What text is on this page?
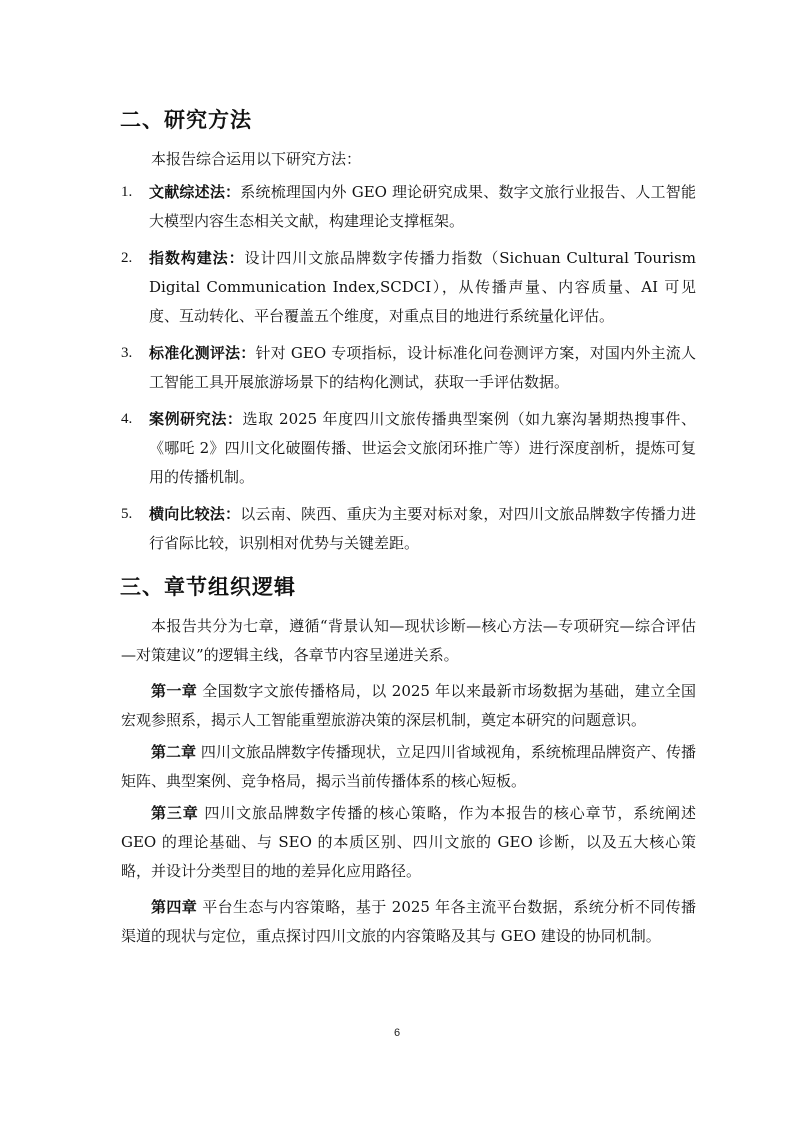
二、研究方法

本报告综合运用以下研究方法：

1. 文献综述法：系统梳理国内外 GEO 理论研究成果、数字文旅行业报告、人工智能大模型内容生态相关文献，构建理论支撑框架。
2. 指数构建法：设计四川文旅品牌数字传播力指数（Sichuan Cultural Tourism Digital Communication Index,SCDCI），从传播声量、内容质量、AI 可见度、互动转化、平台覆盖五个维度，对重点目的地进行系统量化评估。
3. 标准化测评法：针对 GEO 专项指标，设计标准化问卷测评方案，对国内外主流人工智能工具开展旅游场景下的结构化测试，获取一手评估数据。
4. 案例研究法：选取 2025 年度四川文旅传播典型案例（如九寨沟暑期热搜事件、《哪吒 2》四川文化破圈传播、世运会文旅闭环推广等）进行深度剖析，提炼可复用的传播机制。
5. 横向比较法：以云南、陕西、重庆为主要对标对象，对四川文旅品牌数字传播力进行省际比较，识别相对优势与关键差距。
三、章节组织逻辑

本报告共分为七章，遵循“背景认知—现状诊断—核心方法—专项研究—综合评估—对策建议”的逻辑主线，各章节内容呈递进关系。

第一章 全国数字文旅传播格局，以 2025 年以来最新市场数据为基础，建立全国宏观参照系，揭示人工智能重塑旅游决策的深层机制，奠定本研究的问题意识。

第二章 四川文旅品牌数字传播现状，立足四川省域视角，系统梳理品牌资产、传播矩阵、典型案例、竞争格局，揭示当前传播体系的核心短板。

第三章 四川文旅品牌数字传播的核心策略，作为本报告的核心章节，系统阐述 GEO 的理论基础、与 SEO 的本质区别、四川文旅的 GEO 诊断，以及五大核心策略，并设计分类型目的地的差异化应用路径。

第四章 平台生态与内容策略，基于 2025 年各主流平台数据，系统分析不同传播渠道的现状与定位，重点探讨四川文旅的内容策略及其与 GEO 建设的协同机制。

6
